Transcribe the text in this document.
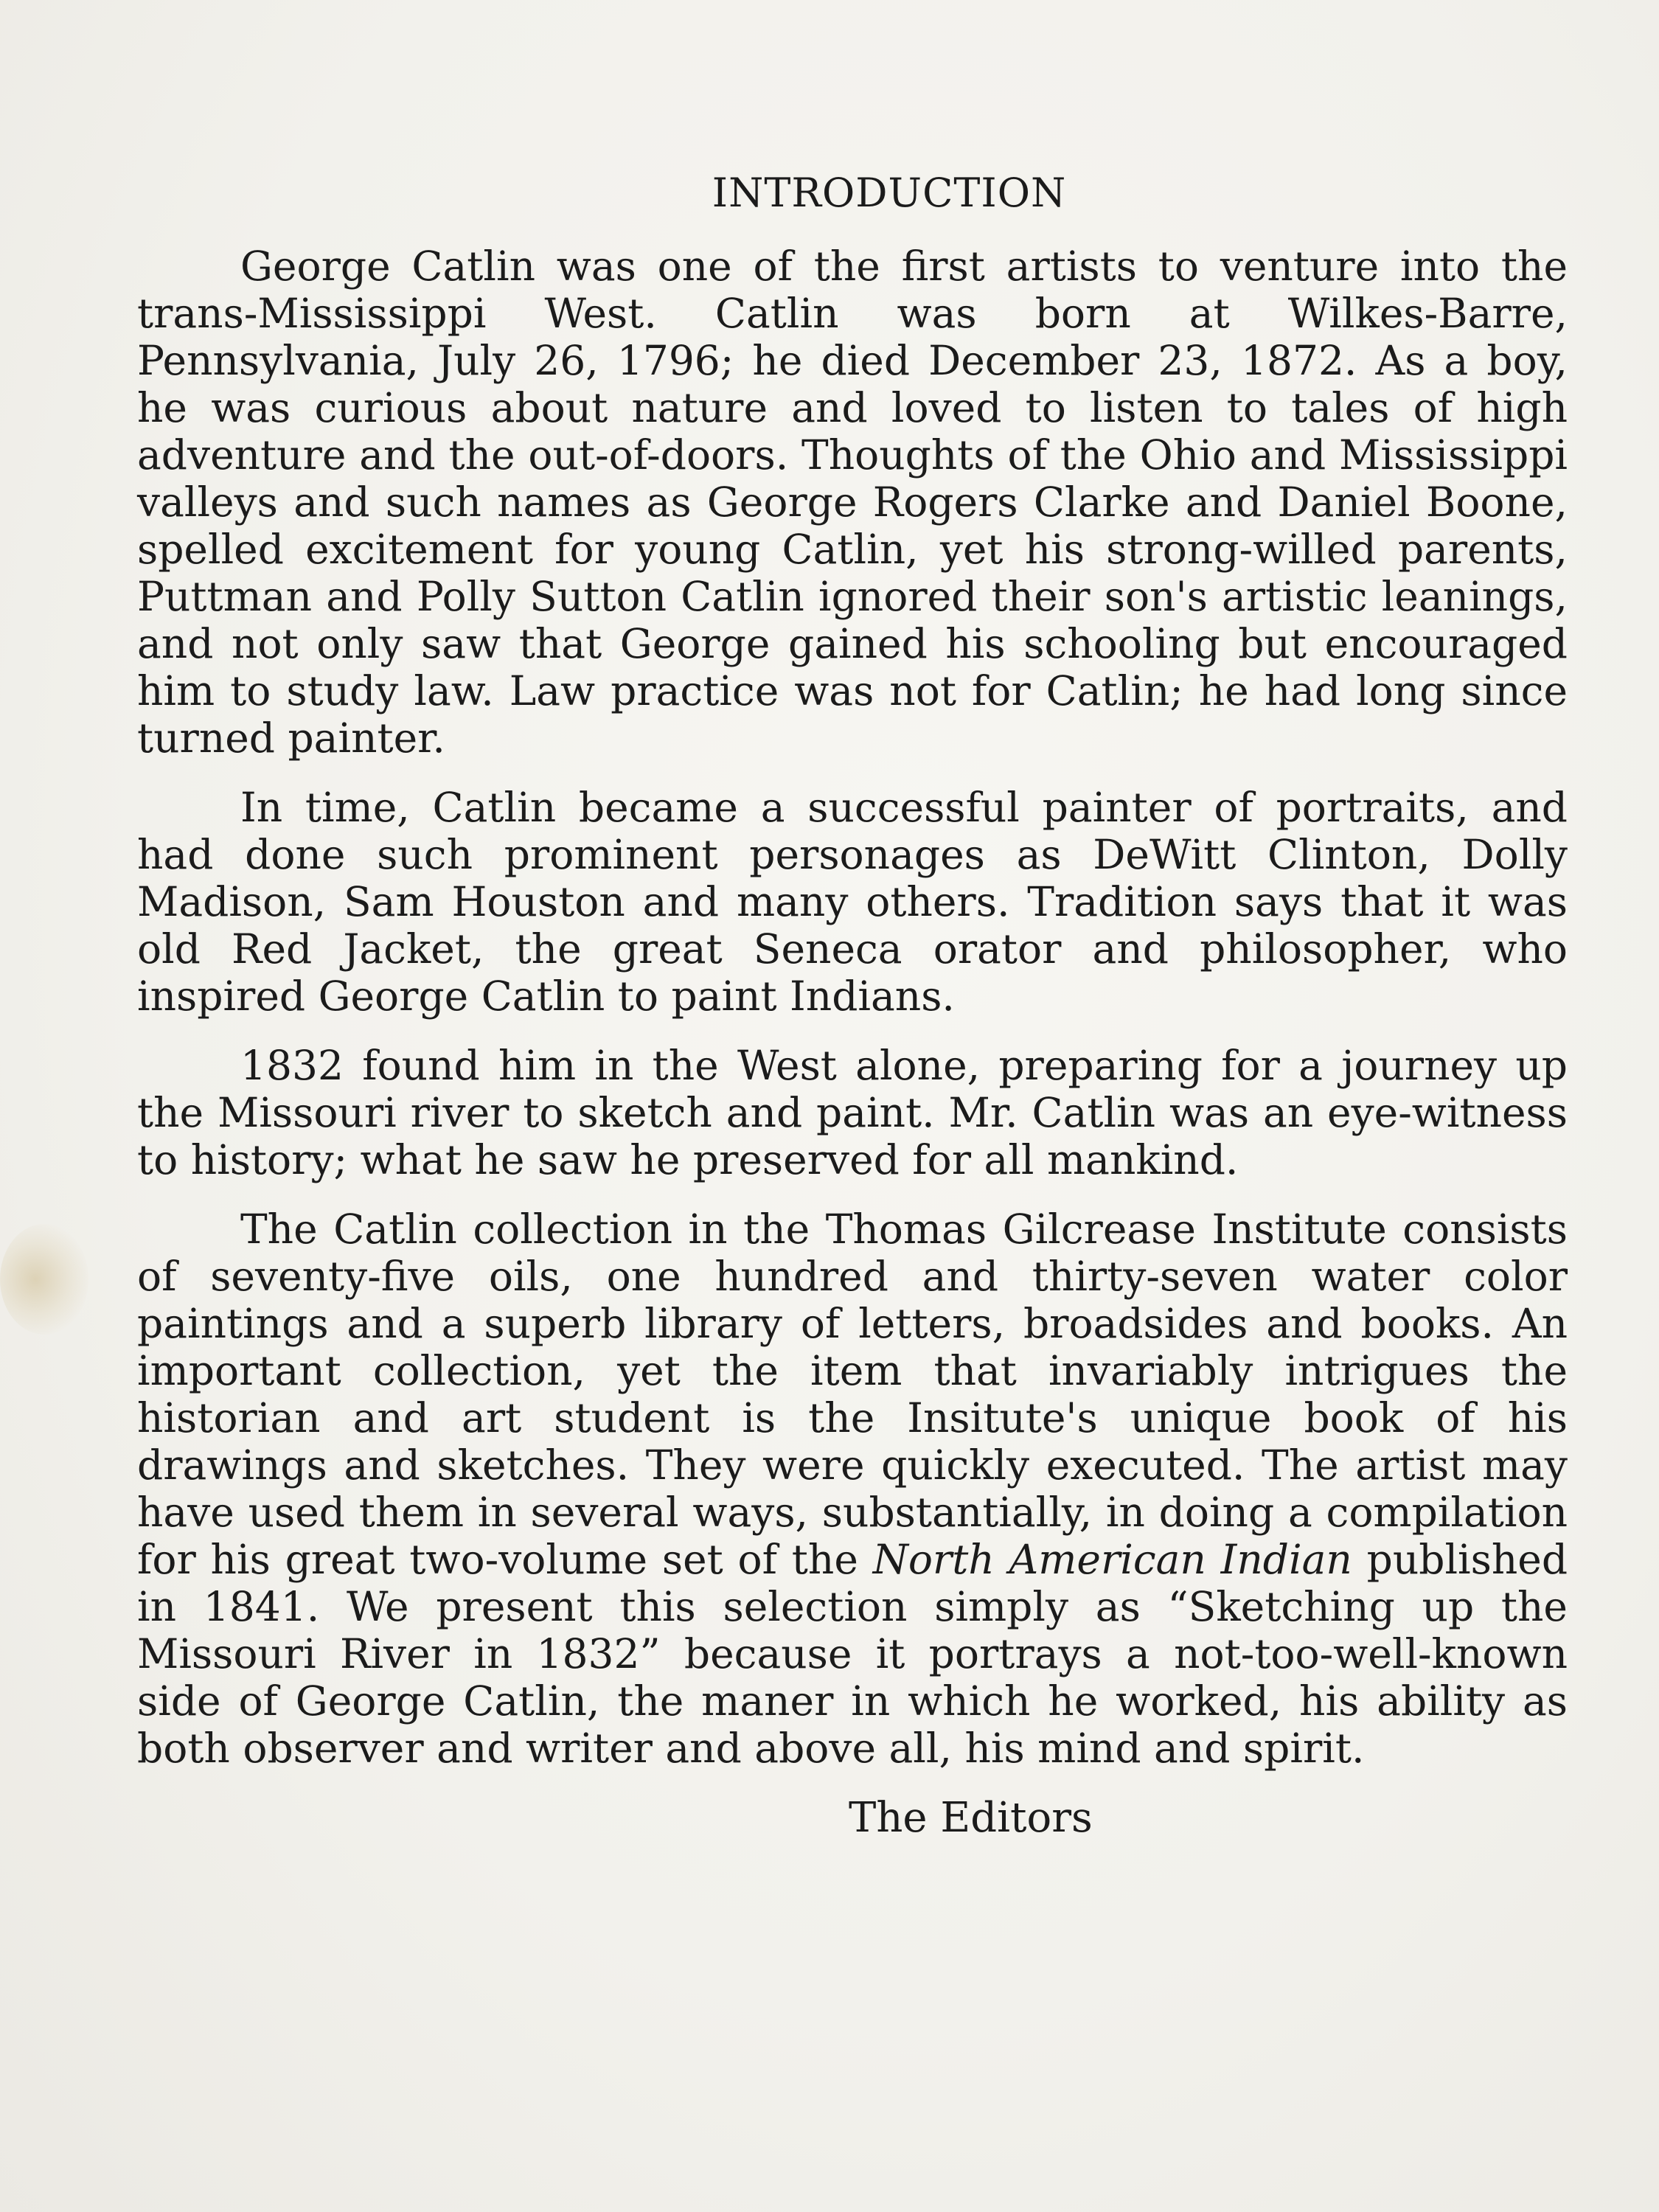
INTRODUCTION

George Catlin was one of the first artists to venture into the trans-Mississippi West. Catlin was born at Wilkes-Barre, Pennsylvania, July 26, 1796; he died December 23, 1872. As a boy, he was curious about nature and loved to listen to tales of high adventure and the out-of-doors. Thoughts of the Ohio and Mississippi valleys and such names as George Rogers Clarke and Daniel Boone, spelled excitement for young Catlin, yet his strong-willed parents, Puttman and Polly Sutton Catlin ignored their son's artistic leanings, and not only saw that George gained his schooling but encouraged him to study law. Law practice was not for Catlin; he had long since turned painter.

In time, Catlin became a successful painter of portraits, and had done such prominent personages as DeWitt Clinton, Dolly Madison, Sam Houston and many others. Tradition says that it was old Red Jacket, the great Seneca orator and philosopher, who inspired George Catlin to paint Indians.

1832 found him in the West alone, preparing for a journey up the Missouri river to sketch and paint. Mr. Catlin was an eye-witness to history; what he saw he preserved for all mankind.

The Catlin collection in the Thomas Gilcrease Institute consists of seventy-five oils, one hundred and thirty-seven water color paintings and a superb library of letters, broadsides and books. An important collection, yet the item that invariably intrigues the historian and art student is the Insitute's unique book of his drawings and sketches. They were quickly executed. The artist may have used them in several ways, substantially, in doing a compilation for his great two-volume set of the North American Indian published in 1841. We present this selection simply as “Sketching up the Missouri River in 1832” because it portrays a not-too-well-known side of George Catlin, the maner in which he worked, his ability as both observer and writer and above all, his mind and spirit.

The Editors
